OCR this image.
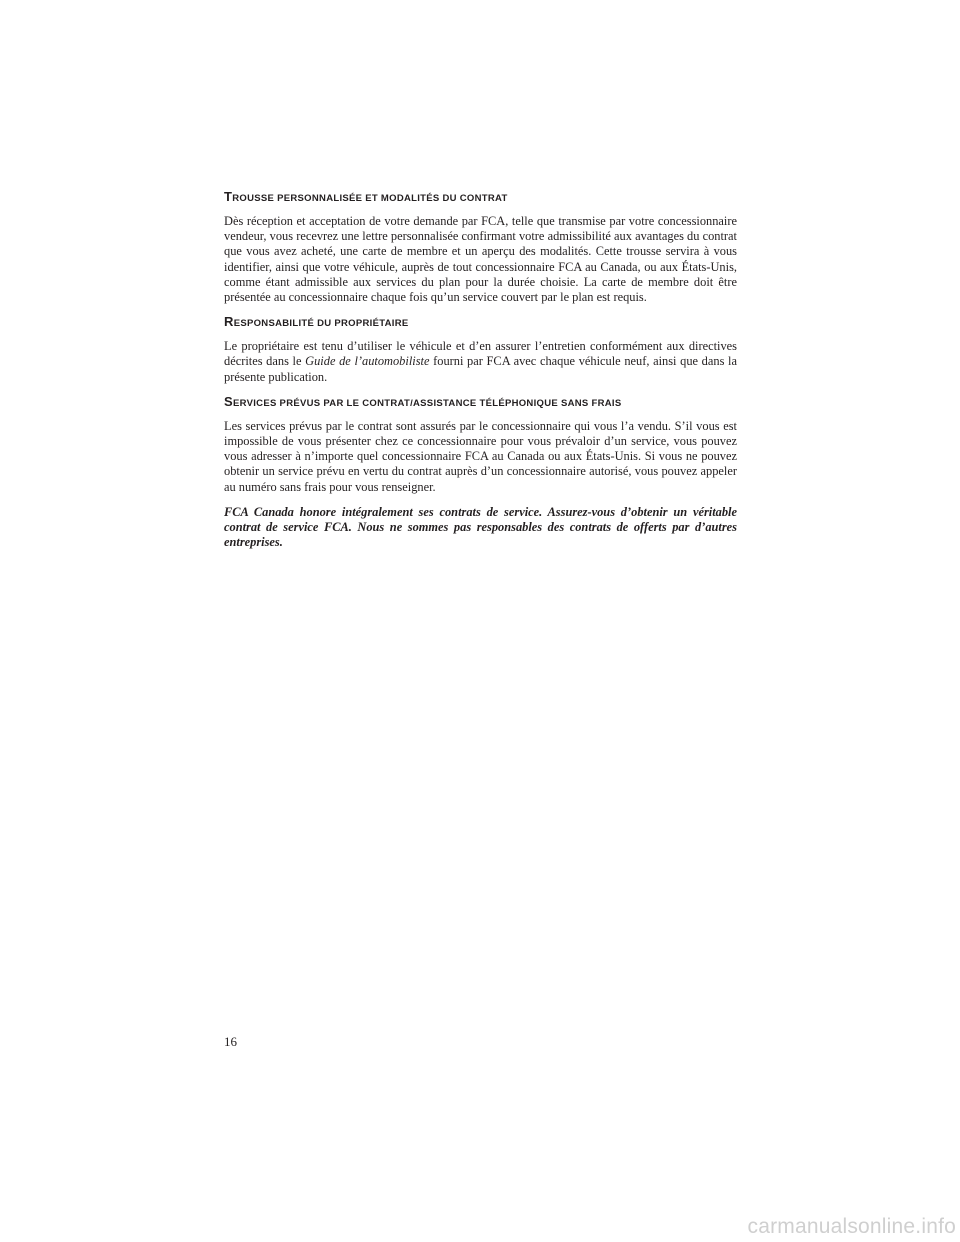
TROUSSE PERSONNALISÉE ET MODALITÉS DU CONTRAT

Dès réception et acceptation de votre demande par FCA, telle que transmise par votre concessionnaire vendeur, vous recevrez une lettre personnalisée confirmant votre admissibilité aux avantages du contrat que vous avez acheté, une carte de membre et un aperçu des modalités. Cette trousse servira à vous identifier, ainsi que votre véhicule, auprès de tout concessionnaire FCA au Canada, ou aux États-Unis, comme étant admissible aux services du plan pour la durée choisie. La carte de membre doit être présentée au concessionnaire chaque fois qu’un service couvert par le plan est requis.

RESPONSABILITÉ DU PROPRIÉTAIRE

Le propriétaire est tenu d’utiliser le véhicule et d’en assurer l’entretien conformément aux directives décrites dans le Guide de l’automobiliste fourni par FCA avec chaque véhicule neuf, ainsi que dans la présente publication.

SERVICES PRÉVUS PAR LE CONTRAT/ASSISTANCE TÉLÉPHONIQUE SANS FRAIS

Les services prévus par le contrat sont assurés par le concessionnaire qui vous l’a vendu. S’il vous est impossible de vous présenter chez ce concessionnaire pour vous prévaloir d’un service, vous pouvez vous adresser à n’importe quel concessionnaire FCA au Canada ou aux États-Unis. Si vous ne pouvez obtenir un service prévu en vertu du contrat auprès d’un concessionnaire autorisé, vous pouvez appeler au numéro sans frais pour vous renseigner.

FCA Canada honore intégralement ses contrats de service. Assurez-vous d’obtenir un véritable contrat de service FCA. Nous ne sommes pas responsables des contrats de offerts par d’autres entreprises.

16
carmanualsonline.info
